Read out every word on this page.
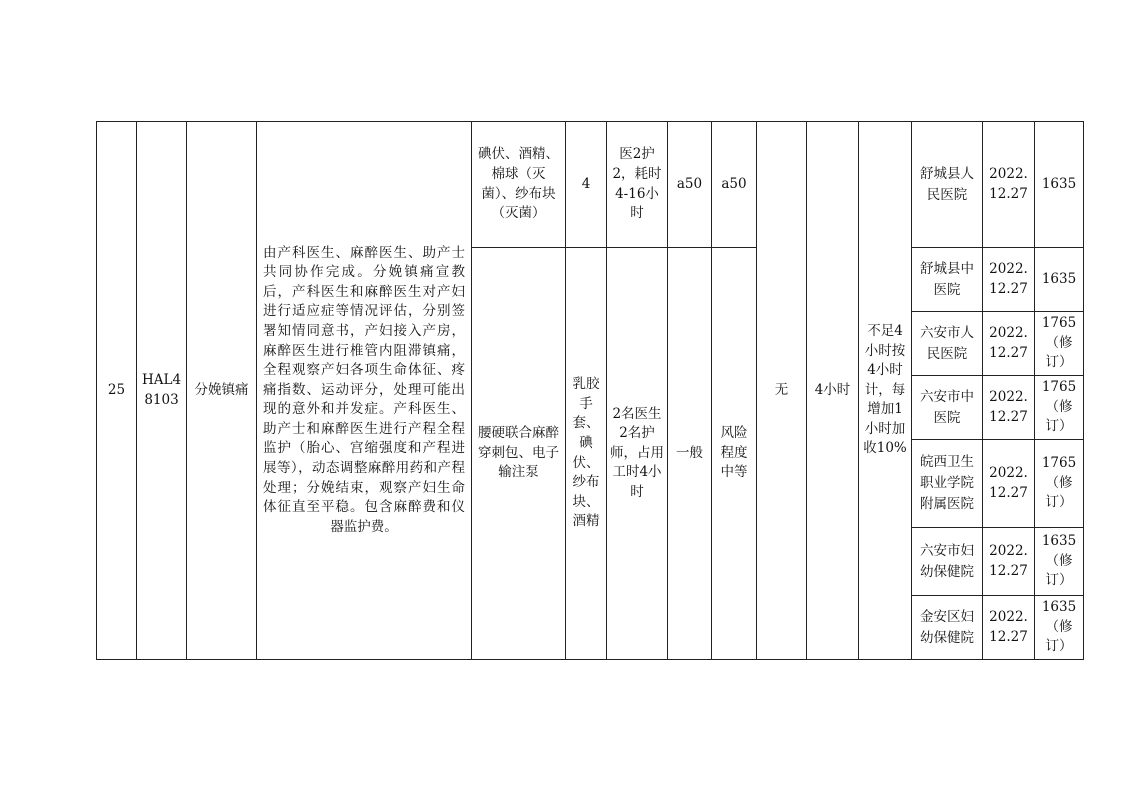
25	HAL48103	分娩镇痛	由产科医生、麻醉医生、助产士共同协作完成。分娩镇痛宣教后，产科医生和麻醉医生对产妇进行适应症等情况评估，分别签署知情同意书，产妇接入产房，麻醉医生进行椎管内阻滞镇痛，全程观察产妇各项生命体征、疼痛指数、运动评分，处理可能出现的意外和并发症。产科医生、助产士和麻醉医生进行产程全程监护（胎心、宫缩强度和产程进展等），动态调整麻醉用药和产程处理；分娩结束，观察产妇生命体征直至平稳。包含麻醉费和仪器监护费。	碘伏、酒精、棉球（灭菌）、纱布块（灭菌）	4	医2护2，耗时4-16小时	a50	a50	无	4小时	不足4小时按4小时计，每增加1小时加收10%	舒城县人民医院	2022.12.27	1635
				腰硬联合麻醉穿刺包、电子输注泵	乳胶手套、碘伏、纱布块、酒精	2名医生2名护师，占用工时4小时	一般	风险程度中等				舒城县中医院	2022.12.27	1635
												六安市人民医院	2022.12.27	1765（修订）
												六安市中医院	2022.12.27	1765（修订）
												皖西卫生职业学院附属医院	2022.12.27	1765（修订）
												六安市妇幼保健院	2022.12.27	1635（修订）
												金安区妇幼保健院	2022.12.27	1635（修订）
